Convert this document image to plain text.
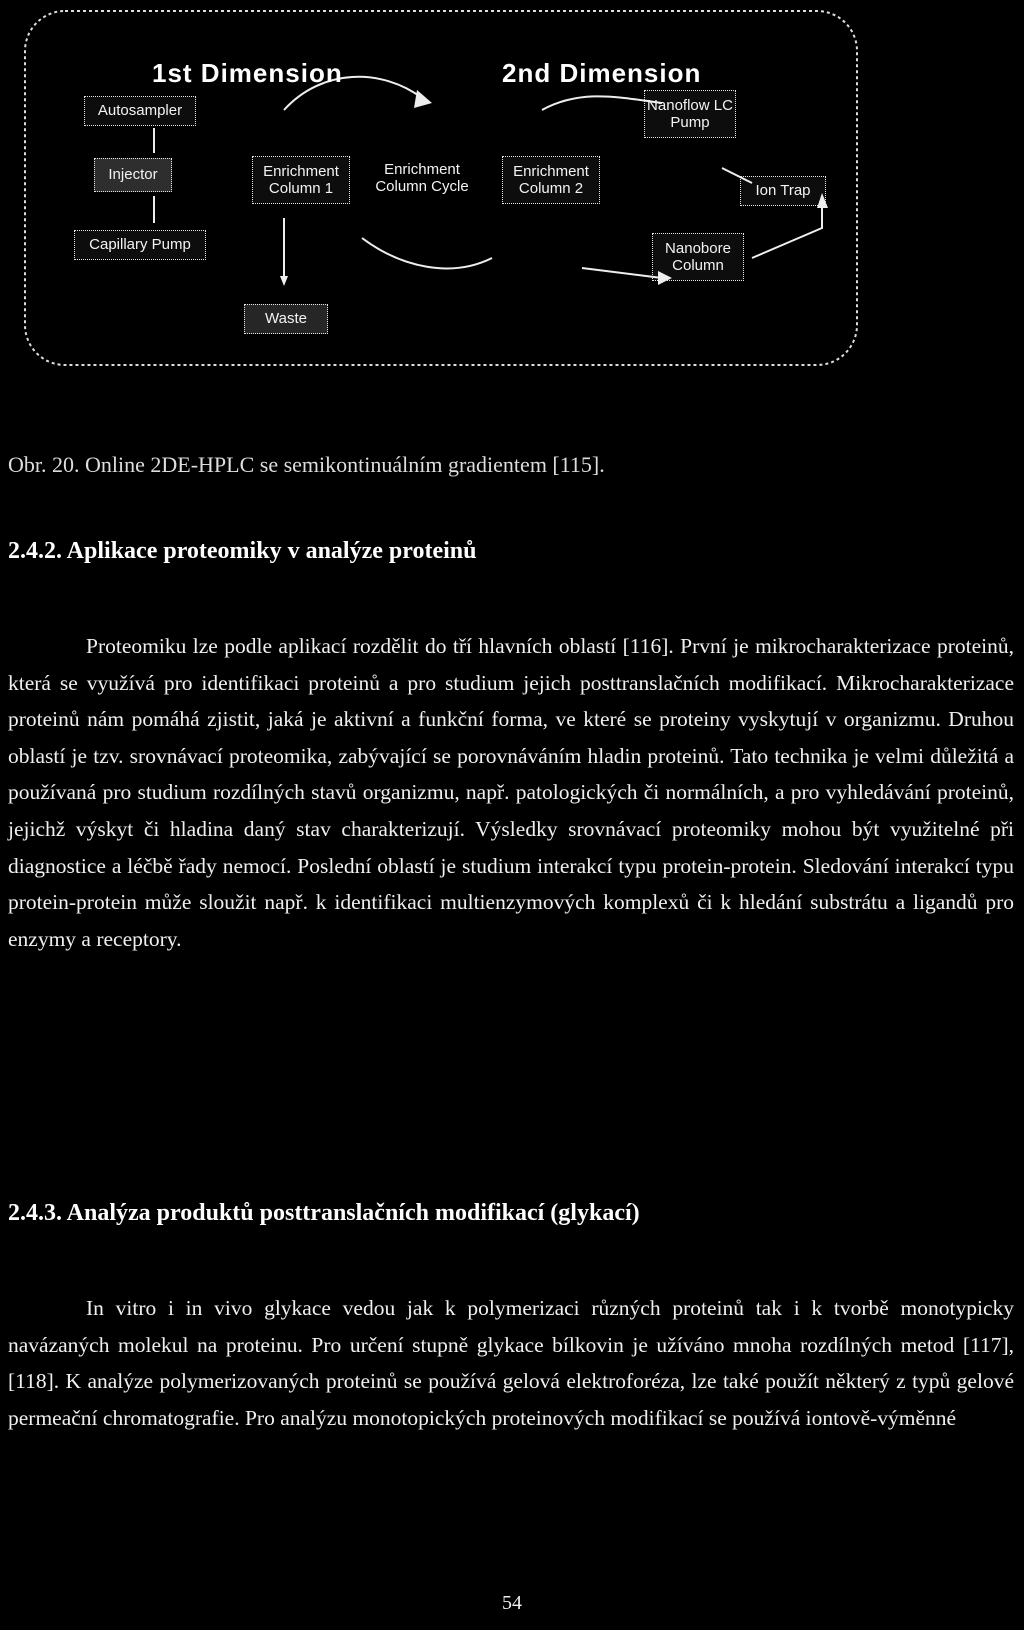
1st Dimension	2nd Dimension
Autosampler
Injector
Capillary Pump
Enrichment Column 1
Enrichment Column Cycle
Enrichment Column 2
Waste
Nanoflow LC Pump
Ion Trap
Nanobore Column
Obr. 20. Online 2DE-HPLC se semikontinuálním gradientem [115].
2.4.2. Aplikace proteomiky v analýze proteinů

Proteomiku lze podle aplikací rozdělit do tří hlavních oblastí [116]. První je mikrocharakterizace proteinů, která se využívá pro identifikaci proteinů a pro studium jejich posttranslačních modifikací. Mikrocharakterizace proteinů nám pomáhá zjistit, jaká je aktivní a funkční forma, ve které se proteiny vyskytují v organizmu. Druhou oblastí je tzv. srovnávací proteomika, zabývající se porovnáváním hladin proteinů. Tato technika je velmi důležitá a používaná pro studium rozdílných stavů organizmu, např. patologických či normálních, a pro vyhledávání proteinů, jejichž výskyt či hladina daný stav charakterizují. Výsledky srovnávací proteomiky mohou být využitelné při diagnostice a léčbě řady nemocí. Poslední oblastí je studium interakcí typu protein-protein. Sledování interakcí typu protein-protein může sloužit např. k identifikaci multienzymových komplexů či k hledání substrátu a ligandů pro enzymy a receptory.

2.4.3. Analýza produktů posttranslačních modifikací (glykací)

In vitro i in vivo glykace vedou jak k polymerizaci různých proteinů tak i k tvorbě monotypicky navázaných molekul na proteinu. Pro určení stupně glykace bílkovin je užíváno mnoha rozdílných metod [117], [118]. K analýze polymerizovaných proteinů se používá gelová elektroforéza, lze také použít některý z typů gelové permeační chromatografie. Pro analýzu monotopických proteinových modifikací se používá iontově-výměnné

54
